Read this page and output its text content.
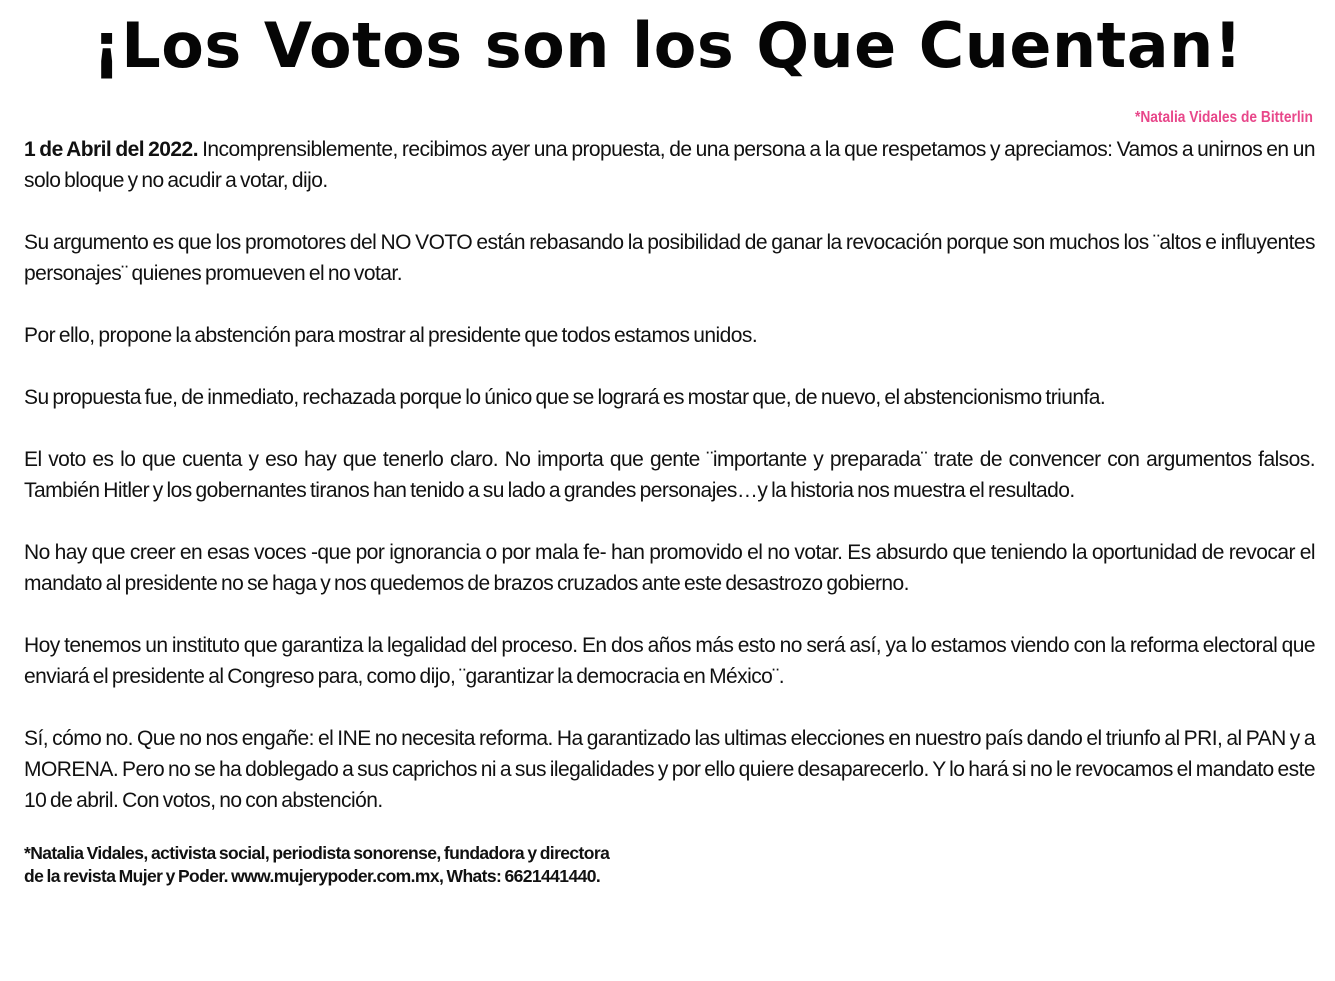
¡Los Votos son los Que Cuentan!
*Natalia Vidales de Bitterlin

1 de Abril del 2022. Incomprensiblemente, recibimos ayer una propuesta, de una persona a la que respetamos y apreciamos: Vamos a unirnos en un solo bloque y no acudir a votar, dijo.

Su argumento es que los promotores del NO VOTO están rebasando la posibilidad de ganar la revocación porque son muchos los ¨altos e influyentes personajes¨ quienes promueven el no votar.

Por ello, propone la abstención para mostrar al presidente que todos estamos unidos.

Su propuesta fue, de inmediato, rechazada porque lo único que se logrará es mostar que, de nuevo, el abstencionismo triunfa.

El voto es lo que cuenta y eso hay que tenerlo claro. No importa que gente ¨importante y preparada¨ trate de convencer con argumentos falsos. También Hitler y los gobernantes tiranos han tenido a su lado a grandes personajes…y la historia nos muestra el resultado.

No hay que creer en esas voces -que por ignorancia o por mala fe- han promovido el no votar. Es absurdo que teniendo la oportunidad de revocar el mandato al presidente no se haga y nos quedemos de brazos cruzados ante este desastrozo gobierno.

Hoy tenemos un instituto que garantiza la legalidad del proceso. En dos años más esto no será así, ya lo estamos viendo con la reforma electoral que enviará el presidente al Congreso para, como dijo, ¨garantizar la democracia en México¨.

Sí, cómo no. Que no nos engañe: el INE no necesita reforma. Ha garantizado las ultimas elecciones en nuestro país dando el triunfo al PRI, al PAN y a MORENA. Pero no se ha doblegado a sus caprichos ni a sus ilegalidades y por ello quiere desaparecerlo. Y lo hará si no le revocamos el mandato este 10 de abril. Con votos, no con abstención.

*Natalia Vidales, activista social, periodista sonorense, fundadora y directora
de la revista Mujer y Poder. www.mujerypoder.com.mx, Whats: 6621441440.
